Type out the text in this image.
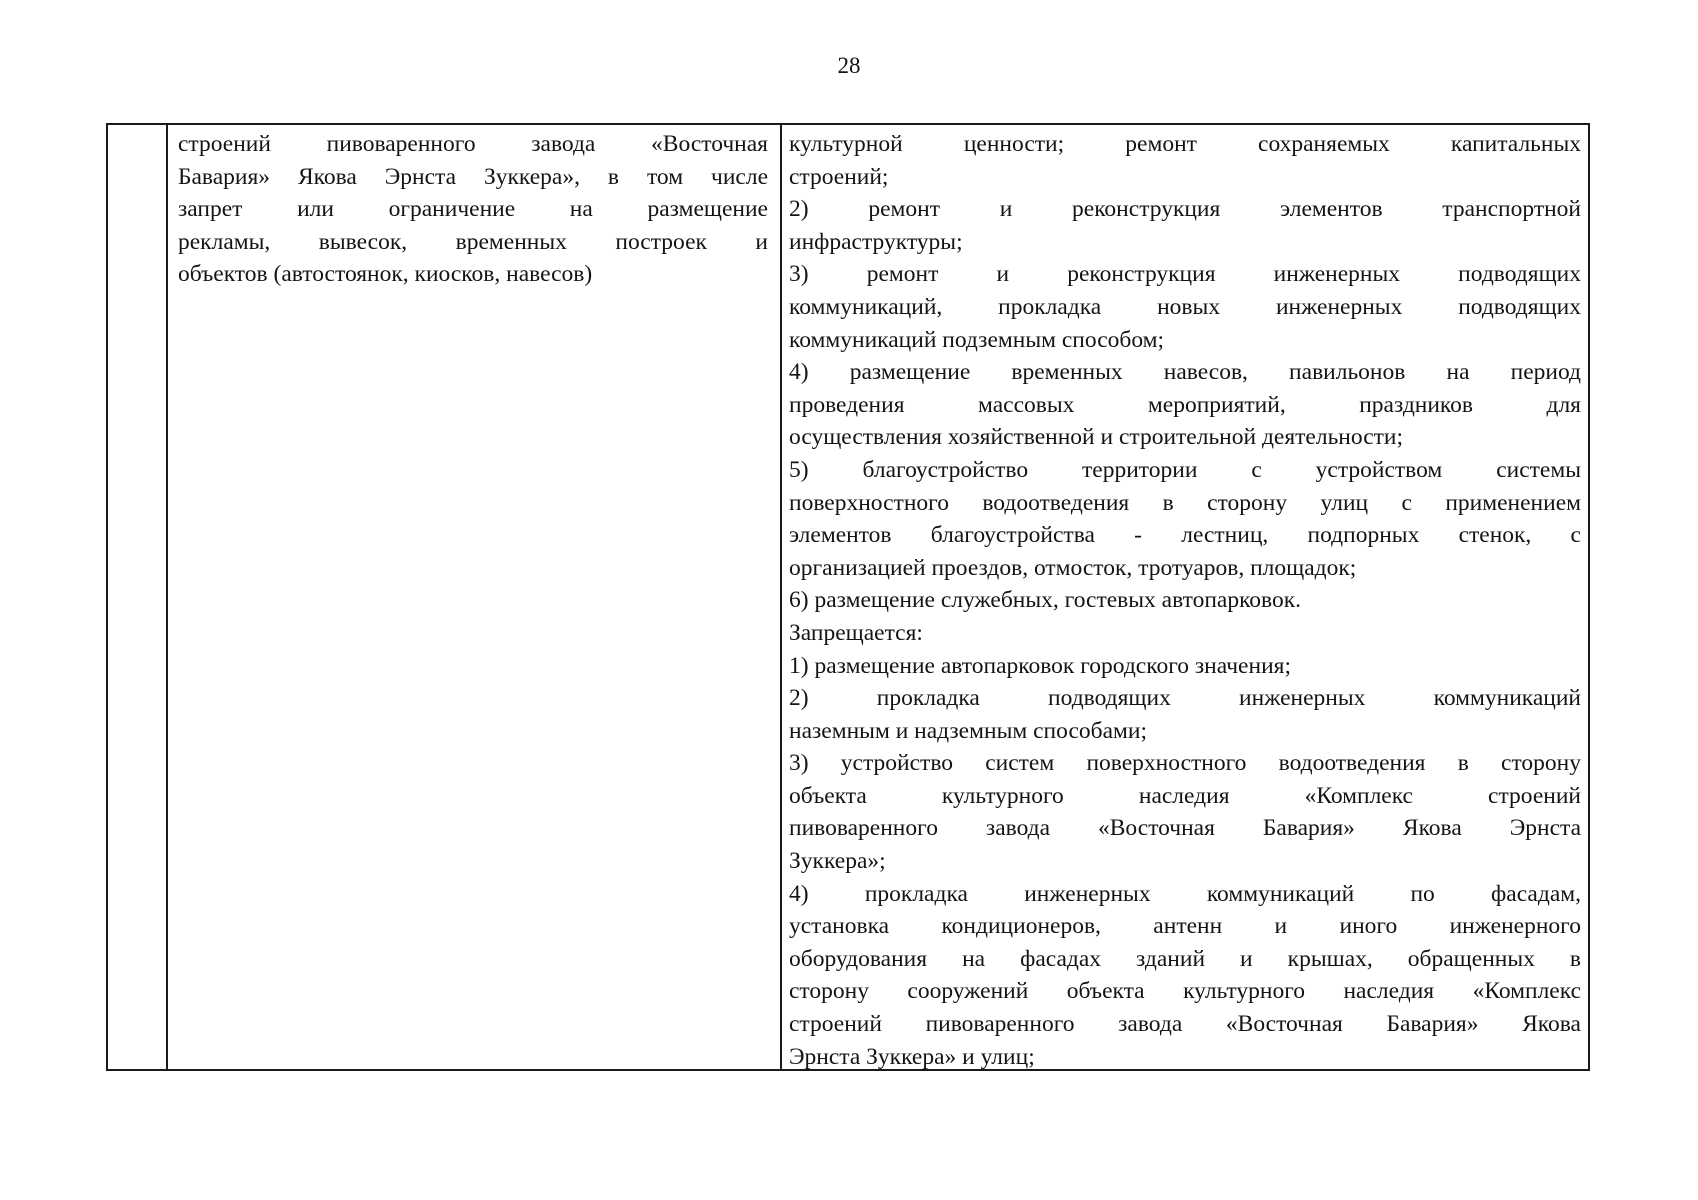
28
строений пивоваренного завода «Восточная
Бавария» Якова Эрнста Зуккера», в том числе
запрет или ограничение на размещение
рекламы, вывесок, временных построек и
объектов (автостоянок, киосков, навесов)
культурной ценности; ремонт сохраняемых капитальных
строений;
2) ремонт и реконструкция элементов транспортной
инфраструктуры;
3) ремонт и реконструкция инженерных подводящих
коммуникаций, прокладка новых инженерных подводящих
коммуникаций подземным способом;
4) размещение временных навесов, павильонов на период
проведения массовых мероприятий, праздников для
осуществления хозяйственной и строительной деятельности;
5) благоустройство территории с устройством системы
поверхностного водоотведения в сторону улиц с применением
элементов благоустройства - лестниц, подпорных стенок, с
организацией проездов, отмосток, тротуаров, площадок;
6) размещение служебных, гостевых автопарковок.
Запрещается:
1) размещение автопарковок городского значения;
2) прокладка подводящих инженерных коммуникаций
наземным и надземным способами;
3) устройство систем поверхностного водоотведения в сторону
объекта культурного наследия «Комплекс строений
пивоваренного завода «Восточная Бавария» Якова Эрнста
Зуккера»;
4) прокладка инженерных коммуникаций по фасадам,
установка кондиционеров, антенн и иного инженерного
оборудования на фасадах зданий и крышах, обращенных в
сторону сооружений объекта культурного наследия «Комплекс
строений пивоваренного завода «Восточная Бавария» Якова
Эрнста Зуккера» и улиц;
